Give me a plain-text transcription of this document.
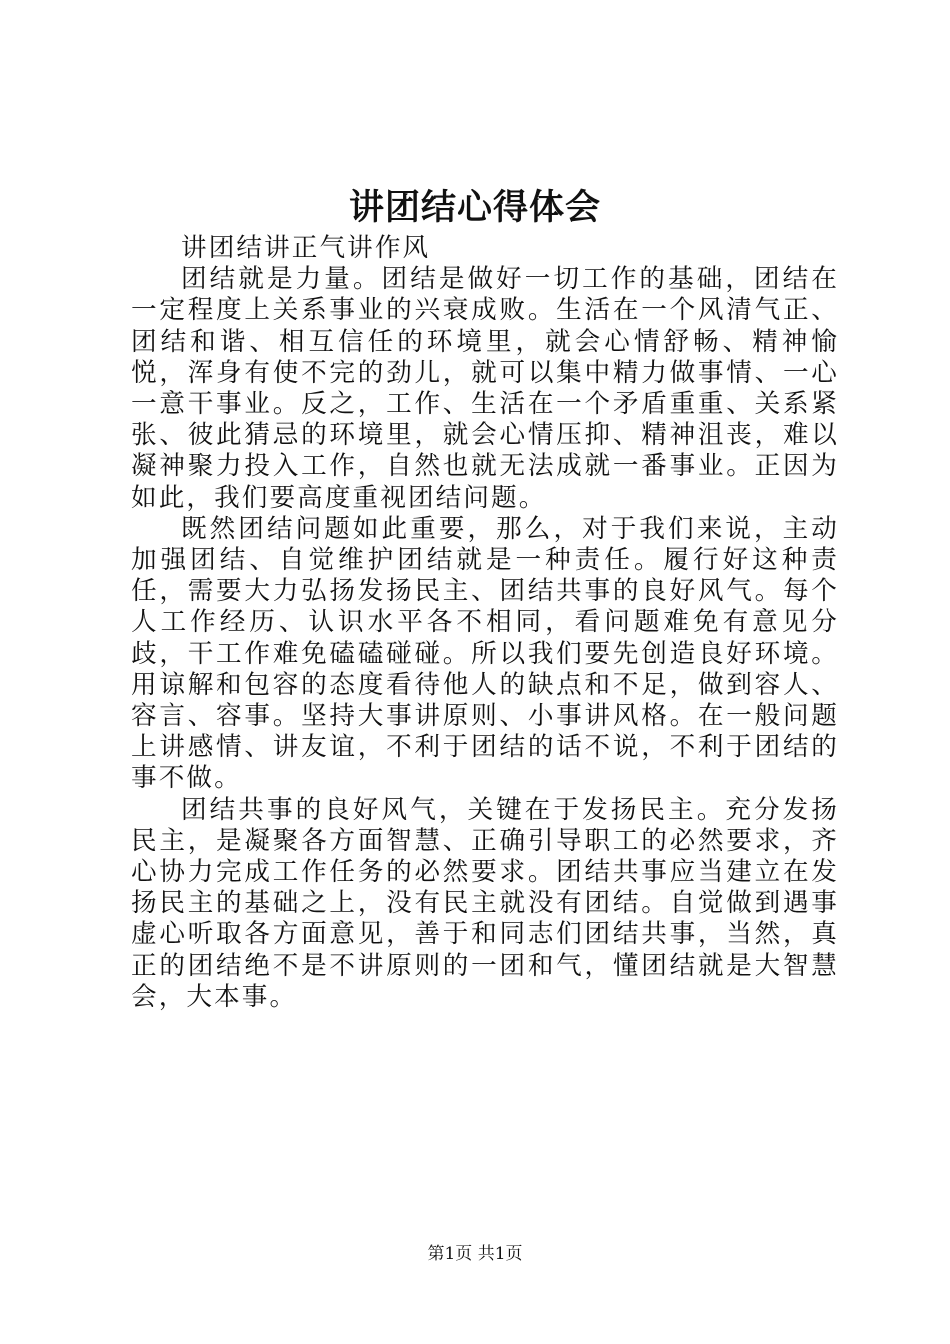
讲团结心得体会

讲团结讲正气讲作风

团结就是力量。团结是做好一切工作的基础，团结在一定程度上关系事业的兴衰成败。生活在一个风清气正、团结和谐、相互信任的环境里，就会心情舒畅、精神愉悦，浑身有使不完的劲儿，就可以集中精力做事情、一心一意干事业。反之，工作、生活在一个矛盾重重、关系紧张、彼此猜忌的环境里，就会心情压抑、精神沮丧，难以凝神聚力投入工作，自然也就无法成就一番事业。正因为如此，我们要高度重视团结问题。

既然团结问题如此重要，那么，对于我们来说，主动加强团结、自觉维护团结就是一种责任。履行好这种责任，需要大力弘扬发扬民主、团结共事的良好风气。每个人工作经历、认识水平各不相同，看问题难免有意见分歧，干工作难免磕磕碰碰。所以我们要先创造良好环境。用谅解和包容的态度看待他人的缺点和不足，做到容人、容言、容事。坚持大事讲原则、小事讲风格。在一般问题上讲感情、讲友谊，不利于团结的话不说，不利于团结的事不做。

团结共事的良好风气，关键在于发扬民主。充分发扬民主，是凝聚各方面智慧、正确引导职工的必然要求，齐心协力完成工作任务的必然要求。团结共事应当建立在发扬民主的基础之上，没有民主就没有团结。自觉做到遇事虚心听取各方面意见，善于和同志们团结共事，当然，真正的团结绝不是不讲原则的一团和气，懂团结就是大智慧会，大本事。

第1页 共1页
